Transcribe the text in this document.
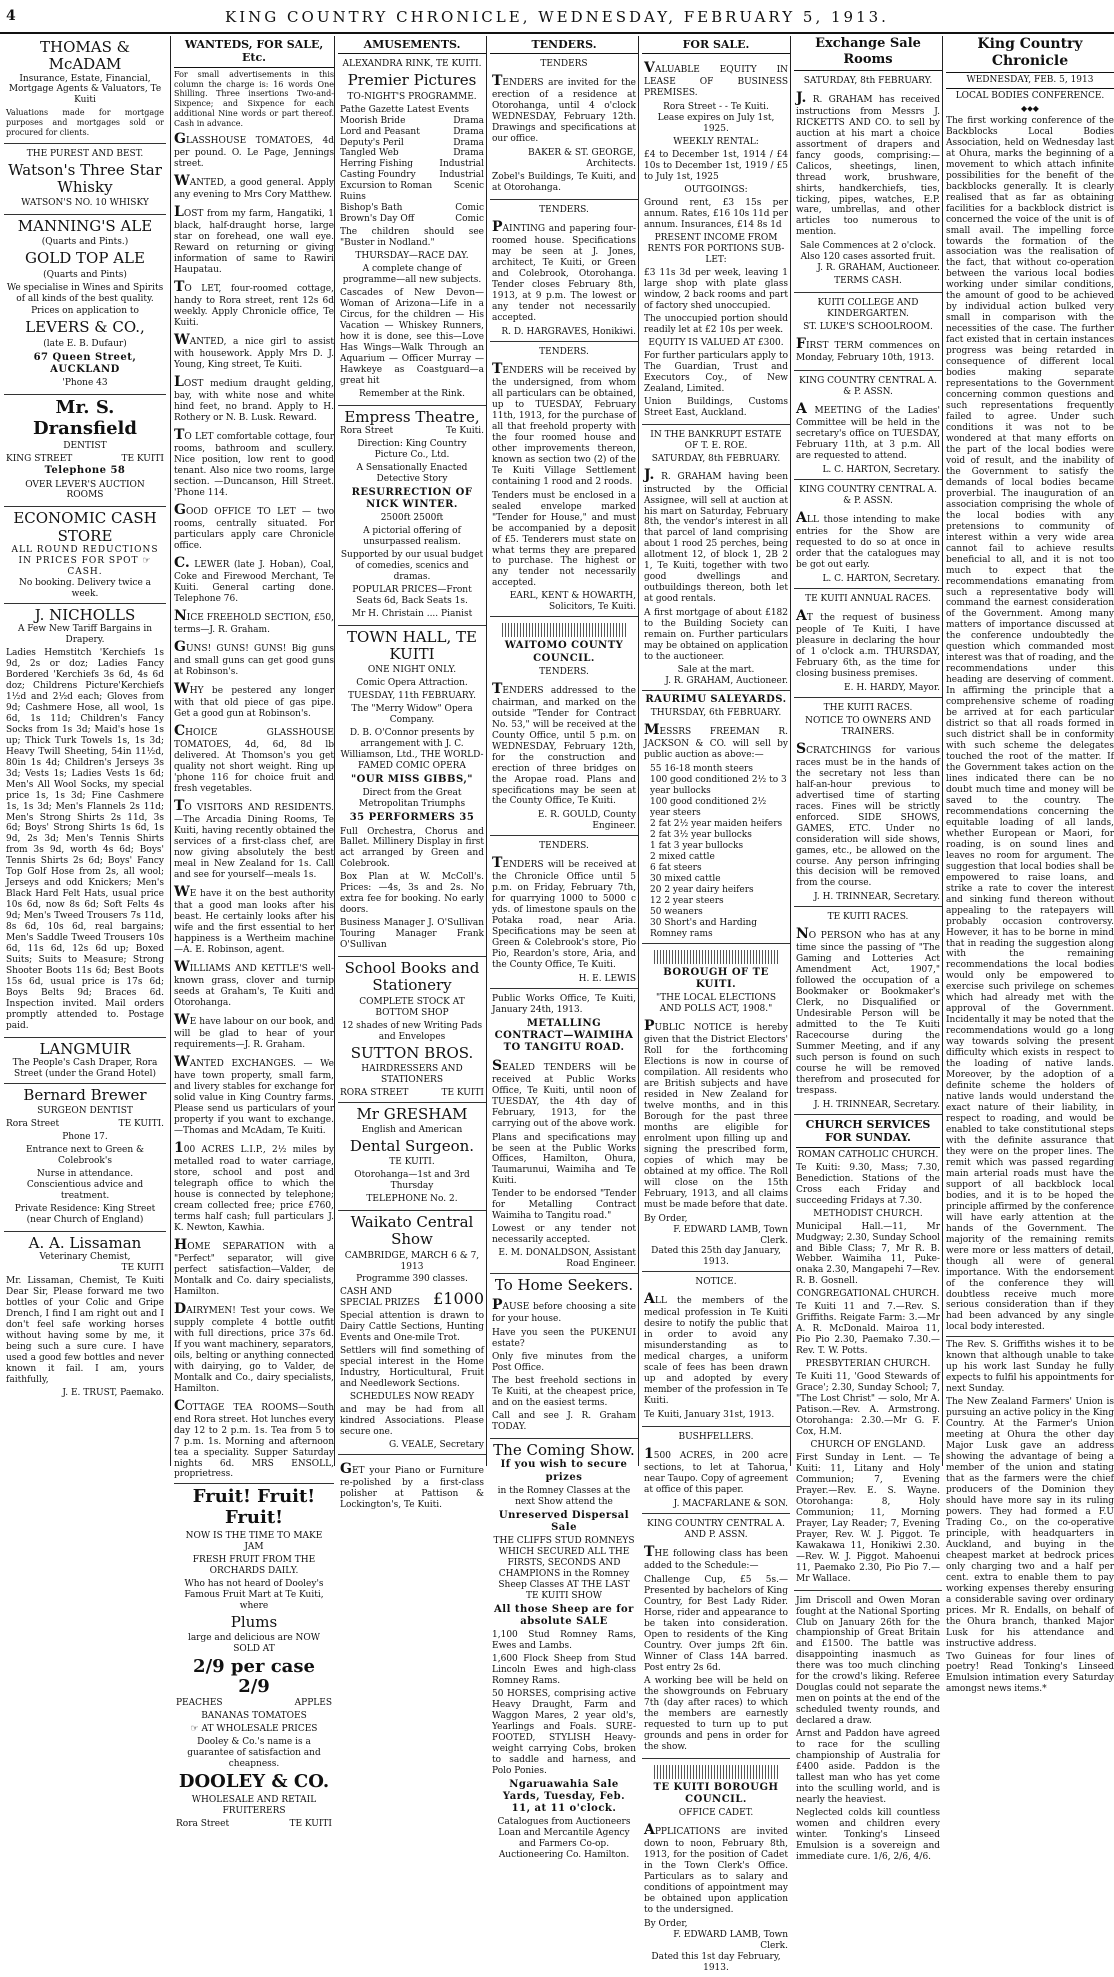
4	KING COUNTRY CHRONICLE, WEDNESDAY, FEBRUARY 5, 1913.
THOMAS & McADAM
Insurance, Estate, Financial, Mortgage Agents & Valuators, Te Kuiti

Valuations made for mortgage purposes and mortgages sold or procured for clients.

THE PUREST AND BEST.
Watson's Three Star Whisky
WATSON'S NO. 10 WHISKY
MANNING'S ALE
(Quarts and Pints.)
GOLD TOP ALE
(Quarts and Pints)

We specialise in Wines and Spirits of all kinds of the best quality.

Prices on application to
LEVERS & CO.,
(late E. B. Dufaur)
67 Queen Street, AUCKLAND
'Phone 43
Mr. S. Dransfield
DENTIST
KING STREET	TE KUITI
Telephone 58
OVER LEVER'S AUCTION ROOMS
ECONOMIC CASH STORE
ALL ROUND REDUCTIONS IN PRICES FOR SPOT ☞ CASH.
No booking. Delivery twice a week.
J. NICHOLLS
A Few New Tariff Bargains in Drapery.

Ladies Hemstitch 'Kerchiefs 1s 9d, 2s or doz; Ladies Fancy Bordered 'Kerchiefs 3s 6d, 4s 6d doz; Childrens Picture'Kerchiefs 1½d and 2½d each; Gloves from 9d; Cashmere Hose, all wool, 1s 6d, 1s 11d; Children's Fancy Socks from 1s 3d; Maid's hose 1s up; Thick Turk Towels 1s, 1s 3d; Heavy Twill Sheeting, 54in 11½d, 80in 1s 4d; Children's Jerseys 3s 3d; Vests 1s; Ladies Vests 1s 6d; Men's All Wool Socks, my special price 1s, 1s 3d; Fine Cashmere 1s, 1s 3d; Men's Flannels 2s 11d; Men's Strong Shirts 2s 11d, 3s 6d; Boys' Strong Shirts 1s 6d, 1s 9d, 2s 3d; Men's Tennis Shirts from 3s 9d, worth 4s 6d; Boys' Tennis Shirts 2s 6d; Boys' Fancy Top Golf Hose from 2s, all wool; Jerseys and odd Knickers; Men's Black Hard Felt Hats, usual price 10s 6d, now 8s 6d; Soft Felts 4s 9d; Men's Tweed Trousers 7s 11d, 8s 6d, 10s 6d, real bargains; Men's Saddle Tweed Trousers 10s 6d, 11s 6d, 12s 6d up; Boxed Suits; Suits to Measure; Strong Shooter Boots 11s 6d; Best Boots 15s 6d, usual price is 17s 6d; Boys Belts 9d; Braces 6d. Inspection invited. Mail orders promptly attended to. Postage paid.

LANGMUIR
The People's Cash Draper, Rora Street (under the Grand Hotel)
Bernard Brewer
SURGEON DENTIST
Rora Street	TE KUITI.
Phone 17.
Entrance next to Green & Colebrook's
Nurse in attendance. Conscientious advice and treatment.
Private Residence: King Street (near Church of England)
A. A. Lissaman
Veterinary Chemist,
TE KUITI

Mr. Lissaman, Chemist, Te Kuiti Dear Sir, Please forward me two bottles of your Colic and Gripe Drench, I find I am right out and I don't feel safe working horses without having some by me, it being such a sure cure. I have used a good few bottles and never known it fail. I am, yours faithfully,

J. E. TRUST, Paemako.
WANTEDS, FOR SALE, Etc.

For small advertisements in this column the charge is: 16 words One Shilling. Three insertions Two-and-Sixpence; and Sixpence for each additional Nine words or part thereof. Cash in advance.

GLASSHOUSE TOMATOES, 4d per pound. O. Le Page, Jennings street.

WANTED, a good general. Apply any evening to Mrs Cory Matthew.

LOST from my farm, Hangatiki, 1 black, half-draught horse, large star on forehead, one wall eye. Reward on returning or giving information of same to Rawiri Haupatau.

TO LET, four-roomed cottage, handy to Rora street, rent 12s 6d weekly. Apply Chronicle office, Te Kuiti.

WANTED, a nice girl to assist with housework. Apply Mrs D. J. Young, King street, Te Kuiti.

LOST medium draught gelding, bay, with white nose and white hind feet, no brand. Apply to H. Rothery or N. B. Lusk. Reward.

TO LET comfortable cottage, four rooms, bathroom and scullery. Nice position, low rent to good tenant. Also nice two rooms, large section. —Duncanson, Hill Street. 'Phone 114.

GOOD OFFICE TO LET — two rooms, centrally situated. For particulars apply care Chronicle office.

C. LEWER (late J. Hoban), Coal, Coke and Firewood Merchant, Te Kuiti. General carting done. Telephone 76.

NICE FREEHOLD SECTION, £50, terms—J. R. Graham.

GUNS! GUNS! GUNS! Big guns and small guns can get good guns at Robinson's.

WHY be pestered any longer with that old piece of gas pipe. Get a good gun at Robinson's.

CHOICE GLASSHOUSE TOMATOES, 4d, 6d, 8d lb delivered. At Thomson's you get quality not short weight. Ring up 'phone 116 for choice fruit and fresh vegetables.

TO VISITORS AND RESIDENTS. —The Arcadia Dining Rooms, Te Kuiti, having recently obtained the services of a first-class chef, are now giving absolutely the best meal in New Zealand for 1s. Call and see for yourself—meals 1s.

WE have it on the best authority that a good man looks after his beast. He certainly looks after his wife and the first essential to her happiness is a Wertheim machine—A. E. Robinson, agent.

WILLIAMS AND KETTLE'S well-known grass, clover and turnip seeds at Graham's, Te Kuiti and Otorohanga.

WE have labour on our book, and will be glad to hear of your requirements—J. R. Graham.

WANTED EXCHANGES. — We have town property, small farm, and livery stables for exchange for solid value in King Country farms. Please send us particulars of your property if you want to exchange.—Thomas and McAdam, Te Kuiti.

100 ACRES L.I.P., 2½ miles by metalled road to water carriage, store, school and post and telegraph office to which the house is connected by telephone; cream collected free; price £760, terms half cash; full particulars J. K. Newton, Kawhia.

HOME SEPARATION with a "Perfect" separator, will give perfect satisfaction—Valder, de Montalk and Co. dairy specialists, Hamilton.

DAIRYMEN! Test your cows. We supply complete 4 bottle outfit with full directions, price 37s 6d. If you want machinery, separators, oils, belting or anything connected with dairying, go to Valder, de Montalk and Co., dairy specialists, Hamilton.

COTTAGE TEA ROOMS—South end Rora street. Hot lunches every day 12 to 2 p.m. 1s. Tea from 5 to 7 p.m. 1s. Morning and afternoon tea a speciality. Supper Saturday nights 6d. MRS ENSOLL, proprietress.

Fruit! Fruit! Fruit!
NOW IS THE TIME TO MAKE JAM
FRESH FRUIT FROM THE ORCHARDS DAILY.

Who has not heard of Dooley's Famous Fruit Mart at Te Kuiti, where

Plums
large and delicious are NOW SOLD AT
2/9 per case 2/9
PEACHES	APPLES
BANANAS TOMATOES
☞ AT WHOLESALE PRICES
Dooley & Co.'s name is a guarantee of satisfaction and cheapness.
DOOLEY & CO.
WHOLESALE AND RETAIL FRUITERERS
Rora Street	TE KUITI
AMUSEMENTS.
ALEXANDRA RINK, TE KUITI.
Premier Pictures
TO-NIGHT'S PROGRAMME.
Pathe Gazette Latest Events
Moorish Bride	Drama
Lord and Peasant	Drama
Deputy's Peril	Drama
Tangled Web	Drama
Herring Fishing	Industrial
Casting Foundry	Industrial
Excursion to Roman Ruins
Scenic
Bishop's Bath	Comic
Brown's Day Off	Comic

The children should see "Buster in Nodland."

THURSDAY—RACE DAY.

A complete change of programme—all new subjects.

Cascades of New Devon—Woman of Arizona—Life in a Circus, for the children — His Vacation — Whiskey Runners, how it is done, see this—Love Has Wings—Walk Through an Aquarium — Officer Murray — Hawkeye as Coastguard—a great hit

Remember at the Rink.
Empress Theatre,
Rora Street	Te Kuiti.
Direction: King Country Picture Co., Ltd.
A Sensationally Enacted Detective Story
RESURRECTION OF NICK WINTER.
2500ft 2500ft

A pictorial offering of unsurpassed realism.

Supported by our usual budget of comedies, scenics and dramas.

POPULAR PRICES—Front Seats 6d, Back Seats 1s.
Mr H. Christain .... Pianist
TOWN HALL, TE KUITI
ONE NIGHT ONLY.
Comic Opera Attraction.
TUESDAY, 11th FEBRUARY.
The "Merry Widow" Opera Company.

D. B. O'Connor presents by arrangement with J. C. Williamson, Ltd., THE WORLD-FAMED COMIC OPERA

"OUR MISS GIBBS,"
Direct from the Great Metropolitan Triumphs
35 PERFORMERS 35

Full Orchestra, Chorus and Ballet. Millinery Display in first act arranged by Green and Colebrook.

Box Plan at W. McColl's. Prices: —4s, 3s and 2s. No extra fee for booking. No early doors.

Business Manager J. O'Sullivan Touring Manager Frank O'Sullivan

School Books and Stationery
COMPLETE STOCK AT BOTTOM SHOP
12 shades of new Writing Pads and Envelopes
SUTTON BROS.
HAIRDRESSERS AND STATIONERS
RORA STREET	TE KUITI
Mr GRESHAM
English and American
Dental Surgeon.
TE KUITI.
Otorohanga—1st and 3rd Thursday
TELEPHONE No. 2.
Waikato Central Show
CAMBRIDGE, MARCH 6 & 7, 1913
Programme 390 classes.
CASH AND SPECIAL PRIZES £1000

Special attention is drawn to Dairy Cattle Sections, Hunting Events and One-mile Trot.

Settlers will find something of special interest in the Home Industry, Horticultural, Fruit and Needlework Sections.

SCHEDULES NOW READY

and may be had from all kindred Associations. Please secure one.

G. VEALE, Secretary

GET your Piano or Furniture re-polished by a first-class polisher at Pattison & Lockington's, Te Kuiti.

TENDERS.
TENDERS

TENDERS are invited for the erection of a residence at Otorohanga, until 4 o'clock WEDNESDAY, February 12th. Drawings and specifications at our office.

BAKER & ST. GEORGE, Architects.

Zobel's Buildings, Te Kuiti, and at Otorohanga.

TENDERS.

PAINTING and papering four-roomed house. Specifications may be seen at J. Jones, architect, Te Kuiti, or Green and Colebrook, Otorohanga. Tender closes February 8th, 1913, at 9 p.m. The lowest or any tender not necessarily accepted.

R. D. HARGRAVES, Honikiwi.
TENDERS.

TENDERS will be received by the undersigned, from whom all particulars can be obtained, up to TUESDAY, February 11th, 1913, for the purchase of all that freehold property with the four roomed house and other improvements thereon, known as section two (2) of the Te Kuiti Village Settlement containing 1 rood and 2 roods.

Tenders must be enclosed in a sealed envelope marked "Tender for House," and must be accompanied by a deposit of £5. Tenderers must state on what terms they are prepared to purchase. The highest or any tender not necessarily accepted.

EARL, KENT & HOWARTH, Solicitors, Te Kuiti.
WAITOMO COUNTY COUNCIL.
TENDERS.

TENDERS addressed to the chairman, and marked on the outside "Tender for Contract No. 53," will be received at the County Office, until 5 p.m. on WEDNESDAY, February 12th, for the construction and erection of three bridges on the Aropae road. Plans and specifications may be seen at the County Office, Te Kuiti.

E. R. GOULD, County Engineer.
TENDERS.

TENDERS will be received at the Chronicle Office until 5 p.m. on Friday, February 7th, for quarrying 1000 to 5000 c yds. of limestone spauls on the Potaka road, near Aria. Specifications may be seen at Green & Colebrook's store, Pio Pio, Reardon's store, Aria, and the County Office, Te Kuiti.

H. E. LEWIS

Public Works Office, Te Kuiti, January 24th, 1913.

METALLING CONTRACT—WAIMIHA TO TANGITU ROAD.

SEALED TENDERS will be received at Public Works Office, Te Kuiti, until noon of TUESDAY, the 4th day of February, 1913, for the carrying out of the above work.

Plans and specifications may be seen at the Public Works Offices, Hamilton, Ohura, Taumarunui, Waimiha and Te Kuiti.

Tender to be endorsed "Tender for Metalling Contract Waimiha to Tangitu road."

Lowest or any tender not necessarily accepted.

E. M. DONALDSON, Assistant Road Engineer.
To Home Seekers.

PAUSE before choosing a site for your house.

Have you seen the PUKENUI estate?

Only five minutes from the Post Office.

The best freehold sections in Te Kuiti, at the cheapest price, and on the easiest terms.

Call and see J. R. Graham TODAY.

The Coming Show.
If you wish to secure prizes
in the Romney Classes at the next Show attend the
Unreserved Dispersal Sale
THE CLIFFS STUD ROMNEYS WHICH SECURED ALL THE FIRSTS, SECONDS AND CHAMPIONS in the Romney Sheep Classes AT THE LAST TE KUITI SHOW
All those Sheep are for absolute SALE

1,100 Stud Romney Rams, Ewes and Lambs.

1,600 Flock Sheep from Stud Lincoln Ewes and high-class Romney Rams.

50 HORSES, comprising active Heavy Draught, Farm and Waggon Mares, 2 year old's, Yearlings and Foals. SURE-FOOTED, STYLISH Heavy-weight carrying Cobs, broken to saddle and harness, and Polo Ponies.

Ngaruawahia Sale Yards, Tuesday, Feb. 11, at 11 o'clock.
Catalogues from Auctioneers Loan and Mercantile Agency and Farmers Co-op. Auctioneering Co. Hamilton.
FOR SALE.

VALUABLE EQUITY IN LEASE OF BUSINESS PREMISES.

Rora Street - - Te Kuiti.
Lease expires on July 1st, 1925.
WEEKLY RENTAL:

£4 to December 1st, 1914 / £4 10s to December 1st, 1919 / £5 to July 1st, 1925

OUTGOINGS:

Ground rent, £3 15s per annum. Rates, £16 10s 11d per annum. Insurances, £14 8s 1d

PRESENT INCOME FROM RENTS FOR PORTIONS SUB-LET:

£3 11s 3d per week, leaving 1 large shop with plate glass window, 2 back rooms and part of factory shed unoccupied.

The unoccupied portion should readily let at £2 10s per week.

EQUITY IS VALUED AT £300.

For further particulars apply to The Guardian, Trust and Executors Coy., of New Zealand, Limited.

Union Buildings, Customs Street East, Auckland.

IN THE BANKRUPT ESTATE OF T. E. ROE.
SATURDAY, 8th FEBRUARY.

J. R. GRAHAM having been instructed by the Official Assignee, will sell at auction at his mart on Saturday, February 8th, the vendor's interest in all that parcel of land comprising about 1 rood 25 perches, being allotment 12, of block 1, 2B 2 1, Te Kuiti, together with two good dwellings and outbuildings thereon, both let at good rentals.

A first mortgage of about £182 to the Building Society can remain on. Further particulars may be obtained on application to the auctioneer.

Sale at the mart.
J. R. GRAHAM, Auctioneer.
RAURIMU SALEYARDS.
THURSDAY, 6th FEBRUARY.

MESSRS FREEMAN R. JACKSON & CO. will sell by public auction as above:—

55 16-18 month steers
100 good conditioned 2½ to 3 year bullocks
100 good conditioned 2½ year steers
2 fat 2½ year maiden heifers
2 fat 3½ year bullocks
1 fat 3 year bullocks
2 mixed cattle
6 fat steers
30 mixed cattle
20 2 year dairy heifers
12 2 year steers
50 weaners
30 Short's and Harding Romney rams
BOROUGH OF TE KUITI.
"THE LOCAL ELECTIONS AND POLLS ACT, 1908."

PUBLIC NOTICE is hereby given that the District Electors' Roll for the forthcoming Elections is now in course of compilation. All residents who are British subjects and have resided in New Zealand for twelve months, and in this Borough for the past three months are eligible for enrolment upon filling up and signing the prescribed form, copies of which may be obtained at my office. The Roll will close on the 15th February, 1913, and all claims must be made before that date.

By Order,
F. EDWARD LAMB, Town Clerk.
Dated this 25th day January, 1913.
NOTICE.

ALL the members of the medical profession in Te Kuiti desire to notify the public that in order to avoid any misunderstanding as to medical charges, a uniform scale of fees has been drawn up and adopted by every member of the profession in Te Kuiti.

Te Kuiti, January 31st, 1913.

BUSHFELLERS.

1500 ACRES, in 200 acre sections, to let at Tahorua, near Taupo. Copy of agreement at office of this paper.

J. MACFARLANE & SON.
KING COUNTRY CENTRAL A. AND P. ASSN.

THE following class has been added to the Schedule:—

Challenge Cup, £5 5s.—Presented by bachelors of King Country, for Best Lady Rider. Horse, rider and appearance to be taken into consideration. Open to residents of the King Country. Over jumps 2ft 6in. Winner of Class 14A barred. Post entry 2s 6d.

A working bee will be held on the showgrounds on February 7th (day after races) to which the members are earnestly requested to turn up to put grounds and pens in order for the show.

TE KUITI BOROUGH COUNCIL.
OFFICE CADET.

APPLICATIONS are invited down to noon, February 8th, 1913, for the position of Cadet in the Town Clerk's Office. Particulars as to salary and conditions of appointment may be obtained upon application to the undersigned.

By Order,
F. EDWARD LAMB, Town Clerk.
Dated this 1st day February, 1913.
Exchange Sale Rooms
SATURDAY, 8th FEBRUARY.

J. R. GRAHAM has received instructions from Messrs J. RICKETTS AND CO. to sell by auction at his mart a choice assortment of drapers and fancy goods, comprising:—Calicos, sheetings, linen, thread work, brushware, shirts, handkerchiefs, ties, ticking, pipes, watches, E.P. ware, umbrellas, and other articles too numerous to mention.

Sale Commences at 2 o'clock.
Also 120 cases assorted fruit.
J. R. GRAHAM, Auctioneer.
TERMS CASH.
KUITI COLLEGE AND KINDERGARTEN.
ST. LUKE'S SCHOOLROOM.

FIRST TERM commences on Monday, February 10th, 1913.

KING COUNTRY CENTRAL A. & P. ASSN.

A MEETING of the Ladies' Committee will be held in the secretary's office on TUESDAY, February 11th, at 3 p.m. All are requested to attend.

L. C. HARTON, Secretary.
KING COUNTRY CENTRAL A. & P. ASSN.

ALL those intending to make entries for the Show are requested to do so at once in order that the catalogues may be got out early.

L. C. HARTON, Secretary.
TE KUITI ANNUAL RACES.

AT the request of business people of Te Kuiti, I have pleasure in declaring the hour of 1 o'clock a.m. THURSDAY, February 6th, as the time for closing business premises.

E. H. HARDY, Mayor.
THE KUITI RACES.
NOTICE TO OWNERS AND TRAINERS.

SCRATCHINGS for various races must be in the hands of the secretary not less than half-an-hour previous to advertised time of starting races. Fines will be strictly enforced. SIDE SHOWS, GAMES, ETC. Under no consideration will side shows, games, etc., be allowed on the course. Any person infringing this decision will be removed from the course.

J. H. TRINNEAR, Secretary.
TE KUITI RACES.

NO PERSON who has at any time since the passing of "The Gaming and Lotteries Act Amendment Act, 1907," followed the occupation of a Bookmaker or Bookmaker's Clerk, no Disqualified or Undesirable Person will be admitted to the Te Kuiti Racecourse during the Summer Meeting, and if any such person is found on such course he will be removed therefrom and prosecuted for trespass.

J. H. TRINNEAR, Secretary.
CHURCH SERVICES FOR SUNDAY.
ROMAN CATHOLIC CHURCH.

Te Kuiti: 9.30, Mass; 7.30, Benediction. Stations of the Cross each Friday and succeeding Fridays at 7.30.

METHODIST CHURCH.

Municipal Hall.—11, Mr Mudgway; 2.30, Sunday School and Bible Class; 7, Mr R. B. Webber. Waimiha 11, Puke-onaka 2.30, Mangapehi 7—Rev. R. B. Gosnell.

CONGREGATIONAL CHURCH.

Te Kuiti 11 and 7.—Rev. S. Griffiths. Reigate Farm: 3.—Mr A. R. McDonald. Mairoa 11, Pio Pio 2.30, Paemako 7.30.—Rev. T. W. Potts.

PRESBYTERIAN CHURCH.

Te Kuiti 11, 'Good Stewards of Grace'; 2.30, Sunday School; 7, "The Lost Christ" — solo, Mr A. Patison.—Rev. A. Armstrong. Otorohanga: 2.30.—Mr G. F. Cox, H.M.

CHURCH OF ENGLAND.

First Sunday in Lent. — Te Kuiti: 11, Litany and Holy Communion; 7, Evening Prayer.—Rev. E. S. Wayne. Otorohanga: 8, Holy Communion; 11, Morning Prayer, Lay Reader; 7, Evening Prayer, Rev. W. J. Piggot. Te Kawakawa 11, Honikiwi 2.30.—Rev. W. J. Piggot. Mahoenui 11, Paemako 2.30, Pio Pio 7.—Mr Wallace.

Jim Driscoll and Owen Moran fought at the National Sporting Club on January 26th for the championship of Great Britain and £1500. The battle was disappointing inasmuch as there was too much clinching for the crowd's liking. Referee Douglas could not separate the men on points at the end of the scheduled twenty rounds, and declared a draw.

Arnst and Paddon have agreed to race for the sculling championship of Australia for £400 aside. Paddon is the tallest man who has yet come into the sculling world, and is nearly the heaviest.

Neglected colds kill countless women and children every winter. Tonking's Linseed Emulsion is a sovereign and immediate cure. 1/6, 2/6, 4/6.

King Country Chronicle
WEDNESDAY, FEB. 5, 1913
LOCAL BODIES CONFERENCE.
◆⬥◆

The first working conference of the Backblocks Local Bodies Association, held on Wednesday last at Ohura, marks the beginning of a movement to which attach infinite possibilities for the benefit of the backblocks generally. It is clearly realised that as far as obtaining facilities for a backblock district is concerned the voice of the unit is of small avail. The impelling force towards the formation of the association was the realisation of the fact, that without co-operation between the various local bodies working under similar conditions, the amount of good to be achieved by individual action bulked very small in comparison with the necessities of the case. The further fact existed that in certain instances progress was being retarded in consequence of different local bodies making separate representations to the Government concerning common questions and such representations frequently failed to agree. Under such conditions it was not to be wondered at that many efforts on the part of the local bodies were void of result, and the inability of the Government to satisfy the demands of local bodies became proverbial. The inauguration of an association comprising the whole of the local bodies with any pretensions to community of interest within a very wide area cannot fail to achieve results beneficial to all, and it is not too much to expect that the recommendations emanating from such a representative body will command the earnest consideration of the Government. Among many matters of importance discussed at the conference undoubtedly the question which commanded most interest was that of roading, and the recommendations under this heading are deserving of comment. In affirming the principle that a comprehensive scheme of roading be arrived at for each particular district so that all roads formed in such district shall be in conformity with such scheme the delegates touched the root of the matter. If the Government takes action on the lines indicated there can be no doubt much time and money will be saved to the country. The recommendations concerning the equitable loading of all lands, whether European or Maori, for roading, is on sound lines and leaves no room for argument. The suggestion that local bodies shall be empowered to raise loans, and strike a rate to cover the interest and sinking fund thereon without appealing to the ratepayers will probably occasion controversy. However, it has to be borne in mind that in reading the suggestion along with the remaining recommendations the local bodies would only be empowered to exercise such privilege on schemes which had already met with the approval of the Government. Incidentally it may be noted that the recommendations would go a long way towards solving the present difficulty which exists in respect to the loading of native lands. Moreover, by the adoption of a definite scheme the holders of native lands would understand the exact nature of their liability, in respect to roading, and would be enabled to take constitutional steps with the definite assurance that they were on the proper lines. The remit which was passed regarding main arterial roads must have the support of all backblock local bodies, and it is to be hoped the principle affirmed by the conference will have early attention at the hands of the Government. The majority of the remaining remits were more or less matters of detail, though all were of general importance. With the endorsement of the conference they will doubtless receive much more serious consideration than if they had been advanced by any single local body interested.

The Rev. S. Griffiths wishes it to be known that although unable to take up his work last Sunday he fully expects to fulfil his appointments for next Sunday.

The New Zealand Farmers' Union is pursuing an active policy in the King Country. At the Farmer's Union meeting at Ohura the other day Major Lusk gave an address showing the advantage of being a member of the union and stating that as the farmers were the chief producers of the Dominion they should have more say in its ruling powers. They had formed a F.U Trading Co., on the co-operative principle, with headquarters in Auckland, and buying in the cheapest market at bedrock prices only charging two and a half per cent. extra to enable them to pay working expenses thereby ensuring a considerable saving over ordinary prices. Mr R. Endalls, on behalf of the Ohura branch, thanked Major Lusk for his attendance and instructive address.

Two Guineas for four lines of poetry! Read Tonking's Linseed Emulsion intimation every Saturday amongst news items.*
